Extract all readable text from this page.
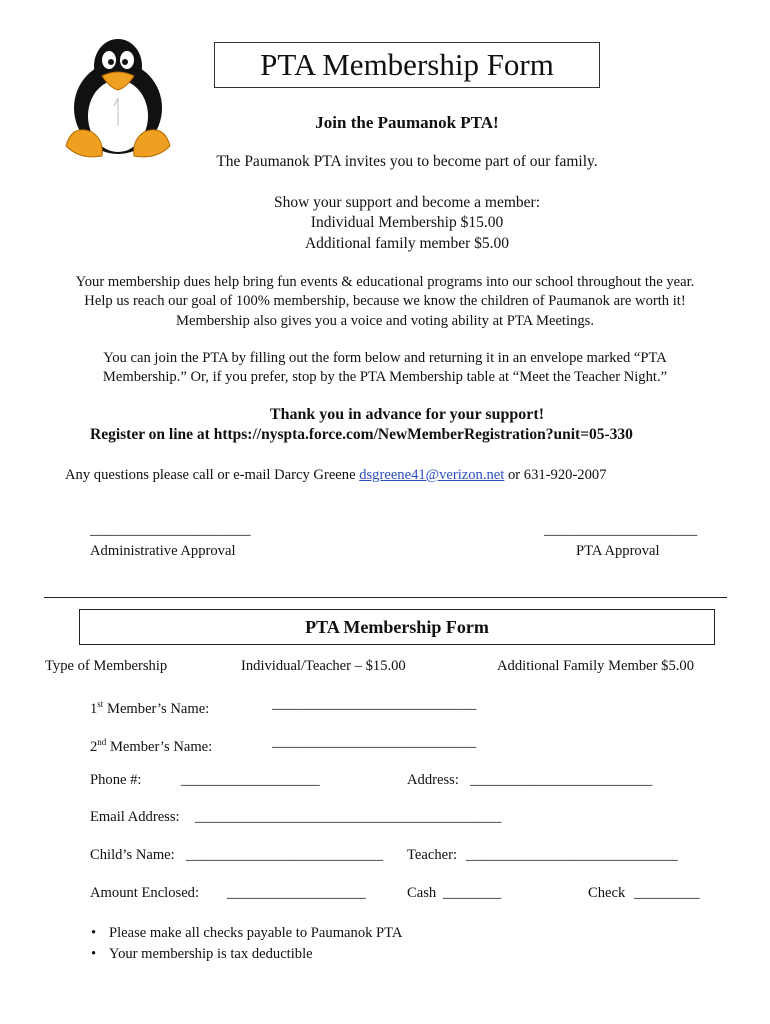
PTA Membership Form
Join the Paumanok PTA!
The Paumanok PTA invites you to become part of our family.
Show your support and become a member:
Individual Membership $15.00
Additional family member $5.00
Your membership dues help bring fun events & educational programs into our school throughout the year.
Help us reach our goal of 100% membership, because we know the children of Paumanok are worth it!
Membership also gives you a voice and voting ability at PTA Meetings.
You can join the PTA by filling out the form below and returning it in an envelope marked “PTA
Membership.” Or, if you prefer, stop by the PTA Membership table at “Meet the Teacher Night.”
Thank you in advance for your support!
Register on line at https://nyspta.force.com/NewMemberRegistration?unit=05-330
Any questions please call or e-mail Darcy Greene dsgreene41@verizon.net or 631-920-2007
______________________
Administrative Approval
_____________________
PTA Approval
PTA Membership Form
Type of Membership	Individual/Teacher – $15.00	Additional Family Member $5.00
1st Member’s Name:	____________________________
2nd Member’s Name:	____________________________
Phone #:	___________________	Address: _________________________
Email Address: __________________________________________
Child’s Name: ___________________________ Teacher: _____________________________
Amount Enclosed: ___________________	Cash ________	Check _________
• Please make all checks payable to Paumanok PTA
• Your membership is tax deductible
